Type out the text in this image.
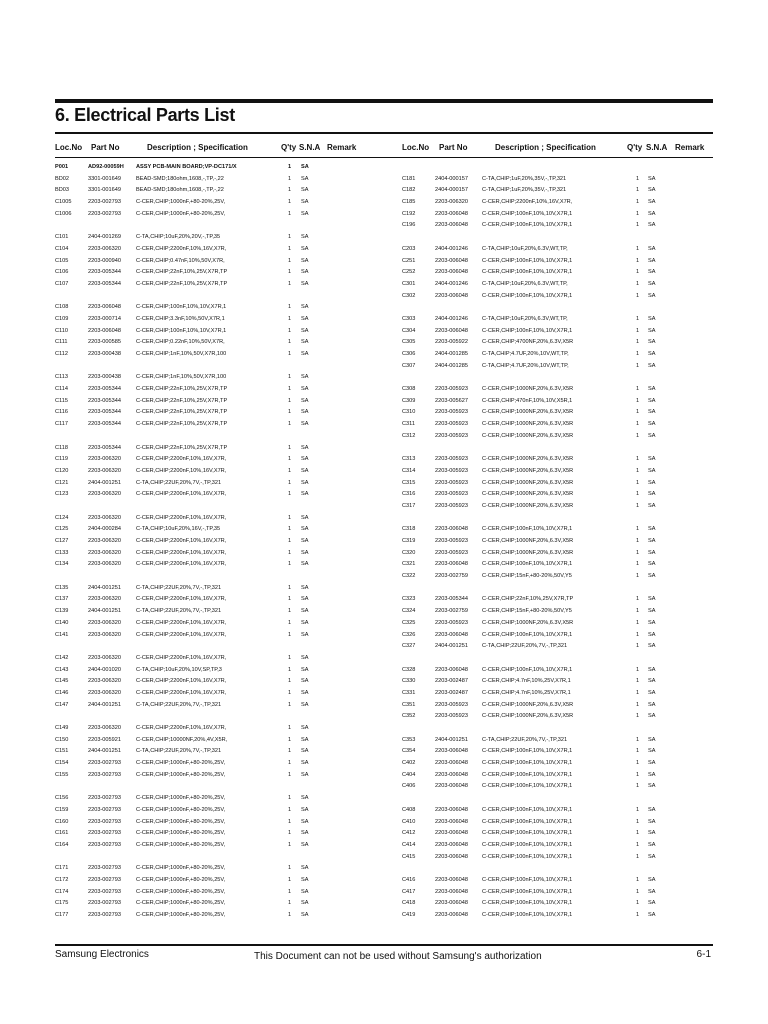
6. Electrical Parts List
Loc.No Part No	Description ; Specification	Q'ty S.N.A Remark
P001	AD92-00059H ASSY PCB-MAIN BOARD;VP-DC171/X	1 SA
BD02	3301-001649	BEAD-SMD;180ohm,1608,-,TP,-,22	1 SA
BD03	3301-001649	BEAD-SMD;180ohm,1608,-,TP,-,22	1 SA
C1005	2203-002793	C-CER,CHIP;1000nF,+80-20%,25V,	1 SA
C1006	2203-002793	C-CER,CHIP;1000nF,+80-20%,25V,	1 SA
C101	2404-001269	C-TA,CHIP;10uF,20%,20V,-,TP,35	1 SA
C104	2203-006320	C-CER,CHIP;2200nF,10%,16V,X7R,	1 SA
C105	2203-000940	C-CER,CHIP;0.47nF,10%,50V,X7R,	1 SA
C106	2203-005344	C-CER,CHIP;22nF,10%,25V,X7R,TP	1 SA
C107	2203-005344	C-CER,CHIP;22nF,10%,25V,X7R,TP	1 SA
C108	2203-006048	C-CER,CHIP;100nF,10%,10V,X7R,1	1 SA
C109	2203-000714	C-CER,CHIP;3.3nF,10%,50V,X7R,1	1 SA
C110	2203-006048	C-CER,CHIP;100nF,10%,10V,X7R,1	1 SA
C111	2203-000585	C-CER,CHIP;0.22nF,10%,50V,X7R,	1 SA
C112	2203-000438	C-CER,CHIP;1nF,10%,50V,X7R,100	1 SA
C113	2203-000438	C-CER,CHIP;1nF,10%,50V,X7R,100	1 SA
C114	2203-005344	C-CER,CHIP;22nF,10%,25V,X7R,TP	1 SA
C115	2203-005344	C-CER,CHIP;22nF,10%,25V,X7R,TP	1 SA
C116	2203-005344	C-CER,CHIP;22nF,10%,25V,X7R,TP	1 SA
C117	2203-005344	C-CER,CHIP;22nF,10%,25V,X7R,TP	1 SA
C118	2203-005344	C-CER,CHIP;22nF,10%,25V,X7R,TP	1 SA
C119	2203-006320	C-CER,CHIP;2200nF,10%,16V,X7R,	1 SA
C120	2203-006320	C-CER,CHIP;2200nF,10%,16V,X7R,	1 SA
C121	2404-001251	C-TA,CHIP;22UF,20%,7V,-,TP,321	1 SA
C123	2203-006320	C-CER,CHIP;2200nF,10%,16V,X7R,	1 SA
C124	2203-006320	C-CER,CHIP;2200nF,10%,16V,X7R,	1 SA
C125	2404-000284	C-TA,CHIP;10uF,20%,16V,-,TP,35	1 SA
C127	2203-006320	C-CER,CHIP;2200nF,10%,16V,X7R,	1 SA
C133	2203-006320	C-CER,CHIP;2200nF,10%,16V,X7R,	1 SA
C134	2203-006320	C-CER,CHIP;2200nF,10%,16V,X7R,	1 SA
C135	2404-001251	C-TA,CHIP;22UF,20%,7V,-,TP,321	1 SA
C137	2203-006320	C-CER,CHIP;2200nF,10%,16V,X7R,	1 SA
C139	2404-001251	C-TA,CHIP;22UF,20%,7V,-,TP,321	1 SA
C140	2203-006320	C-CER,CHIP;2200nF,10%,16V,X7R,	1 SA
C141	2203-006320	C-CER,CHIP;2200nF,10%,16V,X7R,	1 SA
C142	2203-006320	C-CER,CHIP;2200nF,10%,16V,X7R,	1 SA
C143	2404-001020	C-TA,CHIP;10uF,20%,10V,SP,TP,3	1 SA
C145	2203-006320	C-CER,CHIP;2200nF,10%,16V,X7R,	1 SA
C146	2203-006320	C-CER,CHIP;2200nF,10%,16V,X7R,	1 SA
C147	2404-001251	C-TA,CHIP;22UF,20%,7V,-,TP,321	1 SA
C149	2203-006320	C-CER,CHIP;2200nF,10%,16V,X7R,	1 SA
C150	2203-005921	C-CER,CHIP;10000NF,20%,4V,X5R,	1 SA
C151	2404-001251	C-TA,CHIP;22UF,20%,7V,-,TP,321	1 SA
C154	2203-002793	C-CER,CHIP;1000nF,+80-20%,25V,	1 SA
C155	2203-002793	C-CER,CHIP;1000nF,+80-20%,25V,	1 SA
C156	2203-002793	C-CER,CHIP;1000nF,+80-20%,25V,	1 SA
C159	2203-002793	C-CER,CHIP;1000nF,+80-20%,25V,	1 SA
C160	2203-002793	C-CER,CHIP;1000nF,+80-20%,25V,	1 SA
C161	2203-002793	C-CER,CHIP;1000nF,+80-20%,25V,	1 SA
C164	2203-002793	C-CER,CHIP;1000nF,+80-20%,25V,	1 SA
C171	2203-002793	C-CER,CHIP;1000nF,+80-20%,25V,	1 SA
C172	2203-002793	C-CER,CHIP;1000nF,+80-20%,25V,	1 SA
C174	2203-002793	C-CER,CHIP;1000nF,+80-20%,25V,	1 SA
C175	2203-002793	C-CER,CHIP;1000nF,+80-20%,25V,	1 SA
C177	2203-002793	C-CER,CHIP;1000nF,+80-20%,25V,	1 SA
Loc.No Part No	Description ; Specification	Q'ty S.N.A Remark
C181	2404-000157	C-TA,CHIP;1uF,20%,35V,-,TP,321	1 SA
C182	2404-000157	C-TA,CHIP;1uF,20%,35V,-,TP,321	1 SA
C185	2203-006320	C-CER,CHIP;2200nF,10%,16V,X7R,	1 SA
C192	2203-006048	C-CER,CHIP;100nF,10%,10V,X7R,1	1 SA
C196	2203-006048	C-CER,CHIP;100nF,10%,10V,X7R,1	1 SA
C203	2404-001246	C-TA,CHIP;10uF,20%,6.3V,WT,TP,	1 SA
C251	2203-006048	C-CER,CHIP;100nF,10%,10V,X7R,1	1 SA
C252	2203-006048	C-CER,CHIP;100nF,10%,10V,X7R,1	1 SA
C301	2404-001246	C-TA,CHIP;10uF,20%,6.3V,WT,TP,	1 SA
C302	2203-006048	C-CER,CHIP;100nF,10%,10V,X7R,1	1 SA
C303	2404-001246	C-TA,CHIP;10uF,20%,6.3V,WT,TP,	1 SA
C304	2203-006048	C-CER,CHIP;100nF,10%,10V,X7R,1	1 SA
C305	2203-005922	C-CER,CHIP;4700NF,20%,6.3V,X5R	1 SA
C306	2404-001285	C-TA,CHIP;4.7UF,20%,10V,WT,TP,	1 SA
C307	2404-001285	C-TA,CHIP;4.7UF,20%,10V,WT,TP,	1 SA
C308	2203-005923	C-CER,CHIP;1000NF,20%,6.3V,X5R	1 SA
C309	2203-005627	C-CER,CHIP;470nF,10%,10V,X5R,1	1 SA
C310	2203-005923	C-CER,CHIP;1000NF,20%,6.3V,X5R	1 SA
C311	2203-005923	C-CER,CHIP;1000NF,20%,6.3V,X5R	1 SA
C312	2203-005923	C-CER,CHIP;1000NF,20%,6.3V,X5R	1 SA
C313	2203-005923	C-CER,CHIP;1000NF,20%,6.3V,X5R	1 SA
C314	2203-005923	C-CER,CHIP;1000NF,20%,6.3V,X5R	1 SA
C315	2203-005923	C-CER,CHIP;1000NF,20%,6.3V,X5R	1 SA
C316	2203-005923	C-CER,CHIP;1000NF,20%,6.3V,X5R	1 SA
C317	2203-005923	C-CER,CHIP;1000NF,20%,6.3V,X5R	1 SA
C318	2203-006048	C-CER,CHIP;100nF,10%,10V,X7R,1	1 SA
C319	2203-005923	C-CER,CHIP;1000NF,20%,6.3V,X5R	1 SA
C320	2203-005923	C-CER,CHIP;1000NF,20%,6.3V,X5R	1 SA
C321	2203-006048	C-CER,CHIP;100nF,10%,10V,X7R,1	1 SA
C322	2203-002759	C-CER,CHIP;15nF,+80-20%,50V,Y5	1 SA
C323	2203-005344	C-CER,CHIP;22nF,10%,25V,X7R,TP	1 SA
C324	2203-002759	C-CER,CHIP;15nF,+80-20%,50V,Y5	1 SA
C325	2203-005923	C-CER,CHIP;1000NF,20%,6.3V,X5R	1 SA
C326	2203-006048	C-CER,CHIP;100nF,10%,10V,X7R,1	1 SA
C327	2404-001251	C-TA,CHIP;22UF,20%,7V,-,TP,321	1 SA
C328	2203-006048	C-CER,CHIP;100nF,10%,10V,X7R,1	1 SA
C330	2203-002487	C-CER,CHIP;4.7nF,10%,25V,X7R,1	1 SA
C331	2203-002487	C-CER,CHIP;4.7nF,10%,25V,X7R,1	1 SA
C351	2203-005923	C-CER,CHIP;1000NF,20%,6.3V,X5R	1 SA
C352	2203-005923	C-CER,CHIP;1000NF,20%,6.3V,X5R	1 SA
C353	2404-001251	C-TA,CHIP;22UF,20%,7V,-,TP,321	1 SA
C354	2203-006048	C-CER,CHIP;100nF,10%,10V,X7R,1	1 SA
C402	2203-006048	C-CER,CHIP;100nF,10%,10V,X7R,1	1 SA
C404	2203-006048	C-CER,CHIP;100nF,10%,10V,X7R,1	1 SA
C406	2203-006048	C-CER,CHIP;100nF,10%,10V,X7R,1	1 SA
C408	2203-006048	C-CER,CHIP;100nF,10%,10V,X7R,1	1 SA
C410	2203-006048	C-CER,CHIP;100nF,10%,10V,X7R,1	1 SA
C412	2203-006048	C-CER,CHIP;100nF,10%,10V,X7R,1	1 SA
C414	2203-006048	C-CER,CHIP;100nF,10%,10V,X7R,1	1 SA
C415	2203-006048	C-CER,CHIP;100nF,10%,10V,X7R,1	1 SA
C416	2203-006048	C-CER,CHIP;100nF,10%,10V,X7R,1	1 SA
C417	2203-006048	C-CER,CHIP;100nF,10%,10V,X7R,1	1 SA
C418	2203-006048	C-CER,CHIP;100nF,10%,10V,X7R,1	1 SA
C419	2203-006048	C-CER,CHIP;100nF,10%,10V,X7R,1	1 SA
Samsung Electronics	This Document can not be used without Samsung's authorization	6-1
